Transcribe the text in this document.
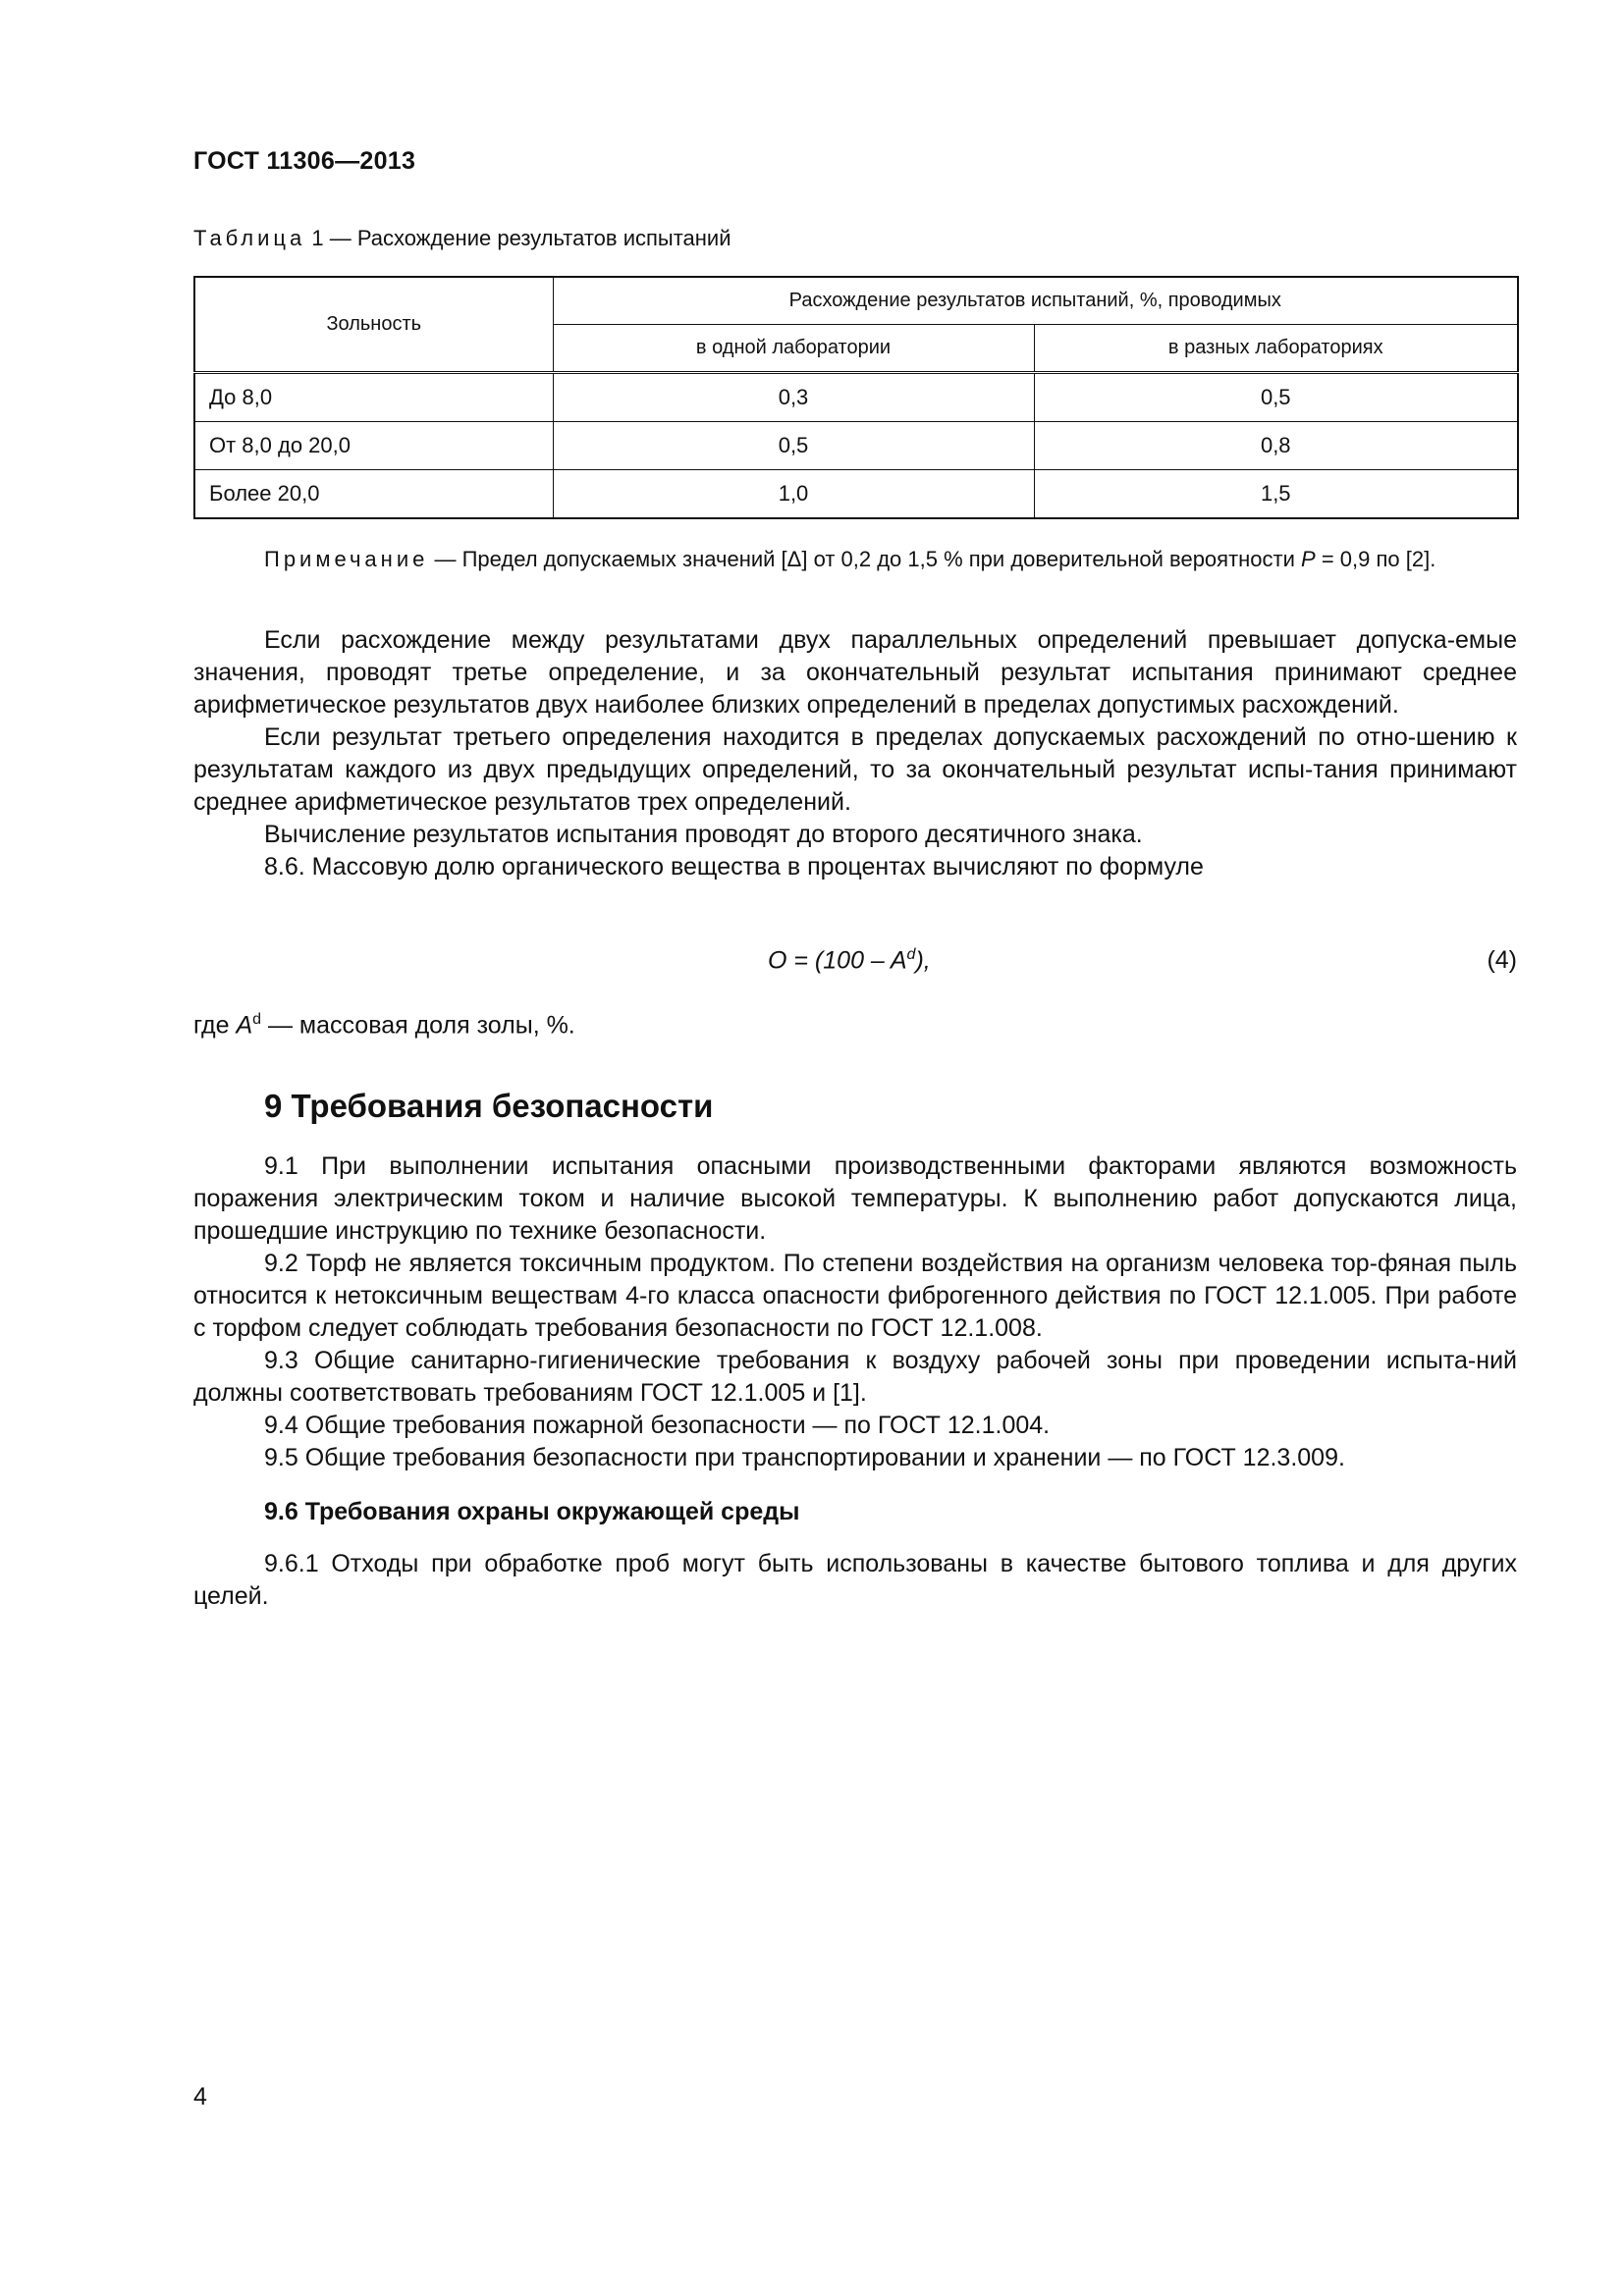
ГОСТ 11306—2013
Таблица 1 — Расхождение результатов испытаний
Зольность	Расхождение результатов испытаний, %, проводимых	
	в одной лаборатории	в разных лабораториях
До 8,0	0,3	0,5
От 8,0 до 20,0	0,5	0,8
Более 20,0	1,0	1,5

Примечание — Предел допускаемых значений [Δ] от 0,2 до 1,5 % при доверительной вероятности P = 0,9 по [2].

Если расхождение между результатами двух параллельных определений превышает допуска-емые значения, проводят третье определение, и за окончательный результат испытания принимают среднее арифметическое результатов двух наиболее близких определений в пределах допустимых расхождений.

Если результат третьего определения находится в пределах допускаемых расхождений по отно-шению к результатам каждого из двух предыдущих определений, то за окончательный результат испы-тания принимают среднее арифметическое результатов трех определений.

Вычисление результатов испытания проводят до второго десятичного знака.

8.6. Массовую долю органического вещества в процентах вычисляют по формуле

$O = (100 - A^d)$,	(4)
где $A^d$ — массовая доля золы, %.
9 Требования безопасности

9.1 При выполнении испытания опасными производственными факторами являются возможность поражения электрическим током и наличие высокой температуры. К выполнению работ допускаются лица, прошедшие инструкцию по технике безопасности.

9.2 Торф не является токсичным продуктом. По степени воздействия на организм человека тор-фяная пыль относится к нетоксичным веществам 4-го класса опасности фиброгенного действия по ГОСТ 12.1.005. При работе с торфом следует соблюдать требования безопасности по ГОСТ 12.1.008.

9.3 Общие санитарно-гигиенические требования к воздуху рабочей зоны при проведении испыта-ний должны соответствовать требованиям ГОСТ 12.1.005 и [1].

9.4 Общие требования пожарной безопасности — по ГОСТ 12.1.004.

9.5 Общие требования безопасности при транспортировании и хранении — по ГОСТ 12.3.009.

9.6 Требования охраны окружающей среды

9.6.1 Отходы при обработке проб могут быть использованы в качестве бытового топлива и для других целей.

4
